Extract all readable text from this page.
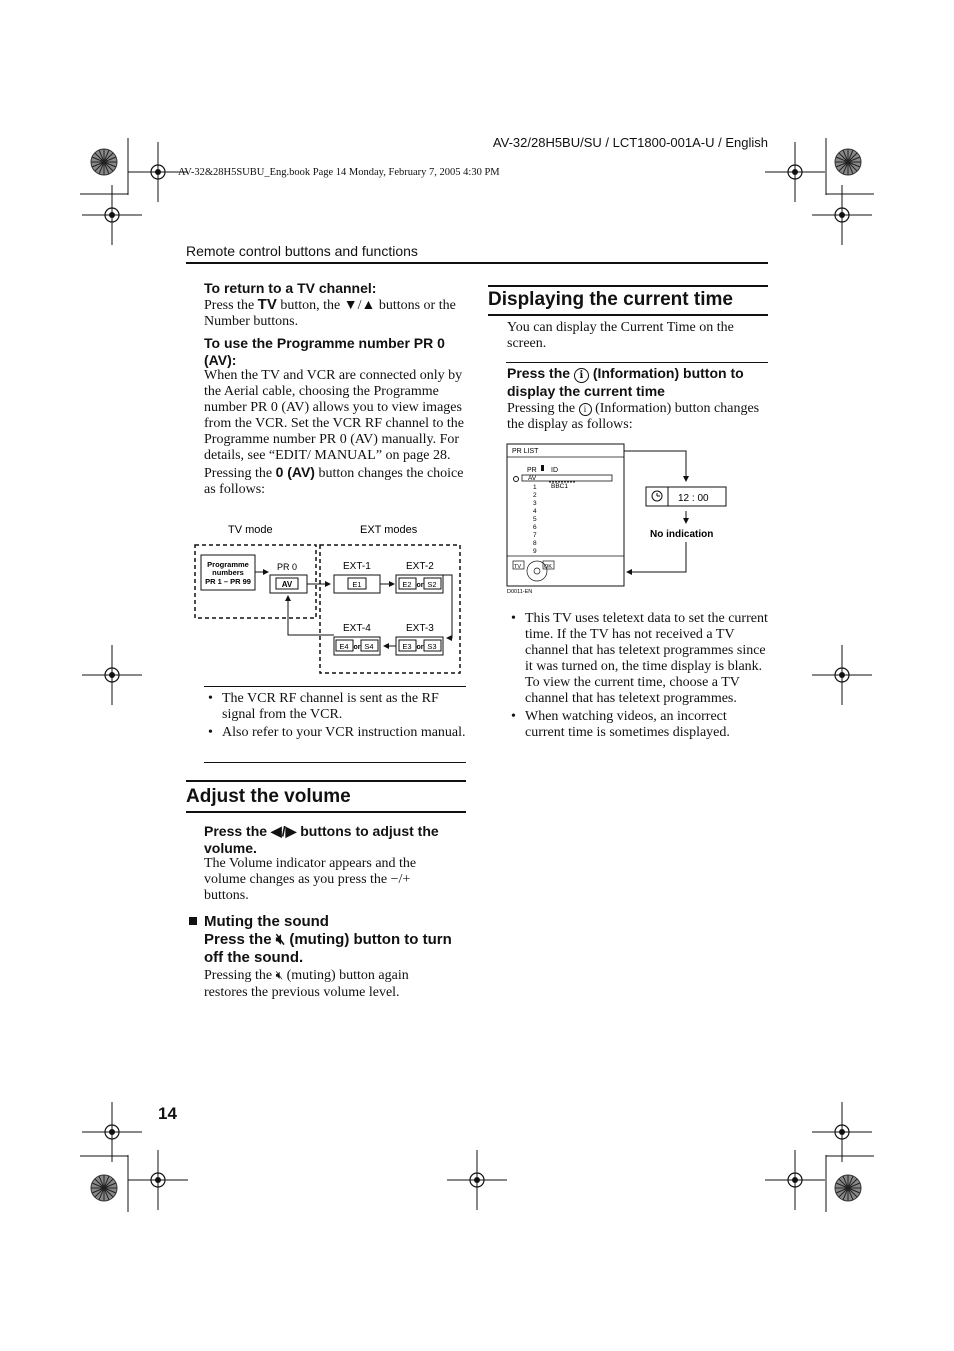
AV-32/28H5BU/SU / LCT1800-001A-U / English
AV-32&28H5SUBU_Eng.book Page 14 Monday, February 7, 2005 4:30 PM
Remote control buttons and functions
To return to a TV channel:
Press the TV button, the ▼/▲ buttons or the Number buttons.
To use the Programme number PR 0 (AV):
When the TV and VCR are connected only by the Aerial cable, choosing the Programme number PR 0 (AV) allows you to view images from the VCR. Set the VCR RF channel to the Programme number PR 0 (AV) manually. For details, see “EDIT/ MANUAL” on page 28.
Pressing the 0 (AV) button changes the choice as follows:
TV mode	EXT modes
Programme
numbers
PR 1 – PR 99
PR 0
AV
EXT-1
E1
EXT-2
E2 or S2
EXT-3
E3 or S3
EXT-4
E4 or S4
• The VCR RF channel is sent as the RF signal from the VCR.
• Also refer to your VCR instruction manual.
Adjust the volume
Press the ◀/▶ buttons to adjust the volume.
The Volume indicator appears and the volume changes as you press the −/+ buttons.
Muting the sound
Press the 🔇︎ (muting) button to turn off the sound.
Pressing the 🔇︎ (muting) button again restores the previous volume level.
Displaying the current time
You can display the Current Time on the screen.
Press the i (Information) button to display the current time
Pressing the i (Information) button changes the display as follows:
PR LIST
PR ID
AV
BBC1
1
2
3
4
5
6
7
8
9
TV	OK
D0011-EN
12 : 00
No indication
• This TV uses teletext data to set the current time. If the TV has not received a TV channel that has teletext programmes since it was turned on, the time display is blank. To view the current time, choose a TV channel that has teletext programmes.
• When watching videos, an incorrect current time is sometimes displayed.
14
